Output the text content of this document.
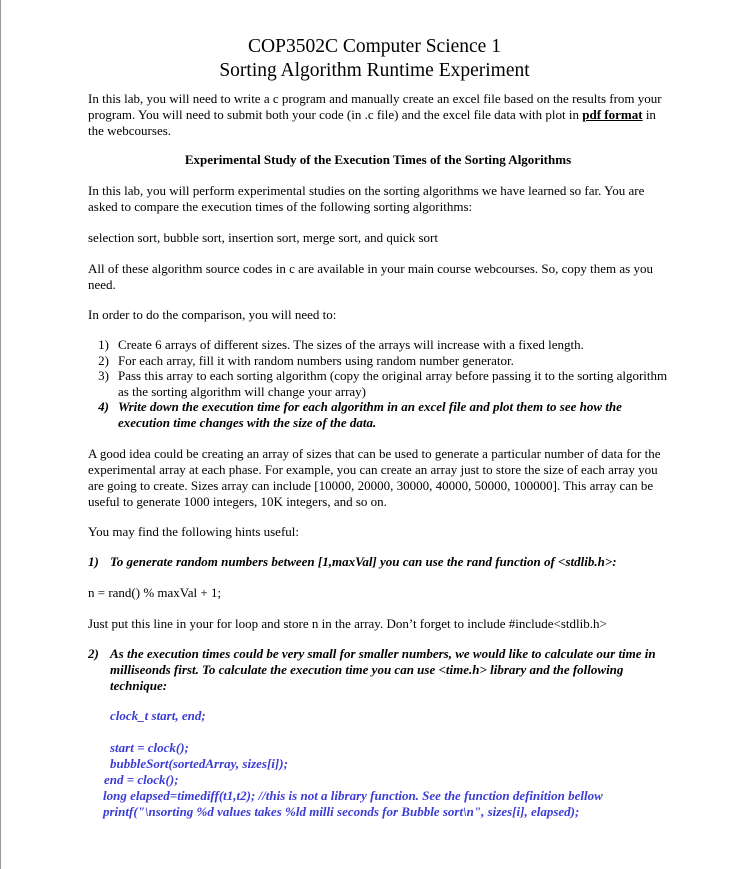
COP3502C Computer Science 1
Sorting Algorithm Runtime Experiment

In this lab, you will need to write a c program and manually create an excel file based on the results from your program. You will need to submit both your code (in .c file) and the excel file data with plot in pdf format in the webcourses.

Experimental Study of the Execution Times of the Sorting Algorithms

In this lab, you will perform experimental studies on the sorting algorithms we have learned so far. You are asked to compare the execution times of the following sorting algorithms:

selection sort, bubble sort, insertion sort, merge sort, and quick sort

All of these algorithm source codes in c are available in your main course webcourses. So, copy them as you need.

In order to do the comparison, you will need to:

1) Create 6 arrays of different sizes. The sizes of the arrays will increase with a fixed length.
2) For each array, fill it with random numbers using random number generator.
3) Pass this array to each sorting algorithm (copy the original array before passing it to the sorting algorithm as the sorting algorithm will change your array)
4) Write down the execution time for each algorithm in an excel file and plot them to see how the execution time changes with the size of the data.

A good idea could be creating an array of sizes that can be used to generate a particular number of data for the experimental array at each phase. For example, you can create an array just to store the size of each array you are going to create. Sizes array can include [10000, 20000, 30000, 40000, 50000, 100000]. This array can be useful to generate 1000 integers, 10K integers, and so on.

You may find the following hints useful:

1) To generate random numbers between [1,maxVal] you can use the rand function of <stdlib.h>:

n = rand() % maxVal + 1;

Just put this line in your for loop and store n in the array. Don’t forget to include #include<stdlib.h>

2) As the execution times could be very small for smaller numbers, we would like to calculate our time in milliseonds first. To calculate the execution time you can use <time.h> library and the following technique:

clock_t start, end;
start = clock();
bubbleSort(sortedArray, sizes[i]);
end = clock();
long elapsed=timediff(t1,t2); //this is not a library function. See the function definition bellow
printf("\nsorting %d values takes %ld milli seconds for Bubble sort\n", sizes[i], elapsed);
